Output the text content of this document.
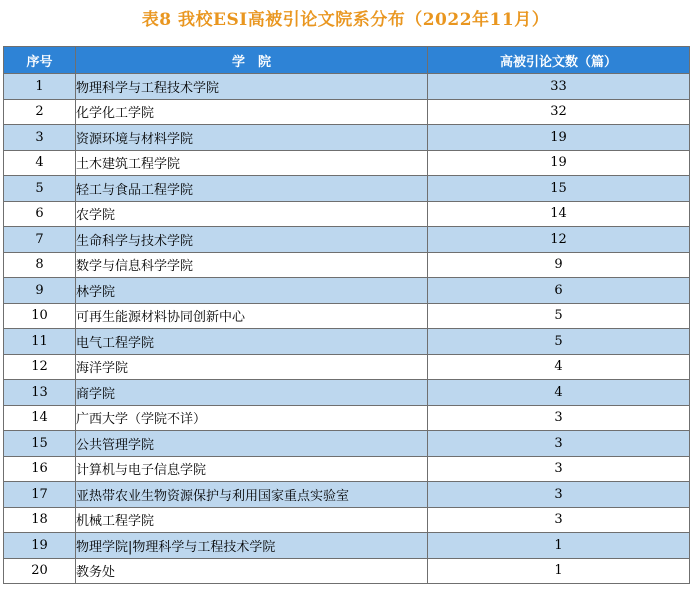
表8 我校ESI高被引论文院系分布（2022年11月）
序号	学　院	高被引论文数（篇）
1	物理科学与工程技术学院	33
2	化学化工学院	32
3	资源环境与材料学院	19
4	土木建筑工程学院	19
5	轻工与食品工程学院	15
6	农学院	14
7	生命科学与技术学院	12
8	数学与信息科学学院	9
9	林学院	6
10	可再生能源材料协同创新中心	5
11	电气工程学院	5
12	海洋学院	4
13	商学院	4
14	广西大学（学院不详）	3
15	公共管理学院	3
16	计算机与电子信息学院	3
17	亚热带农业生物资源保护与利用国家重点实验室	3
18	机械工程学院	3
19	物理学院|物理科学与工程技术学院	1
20	教务处	1
